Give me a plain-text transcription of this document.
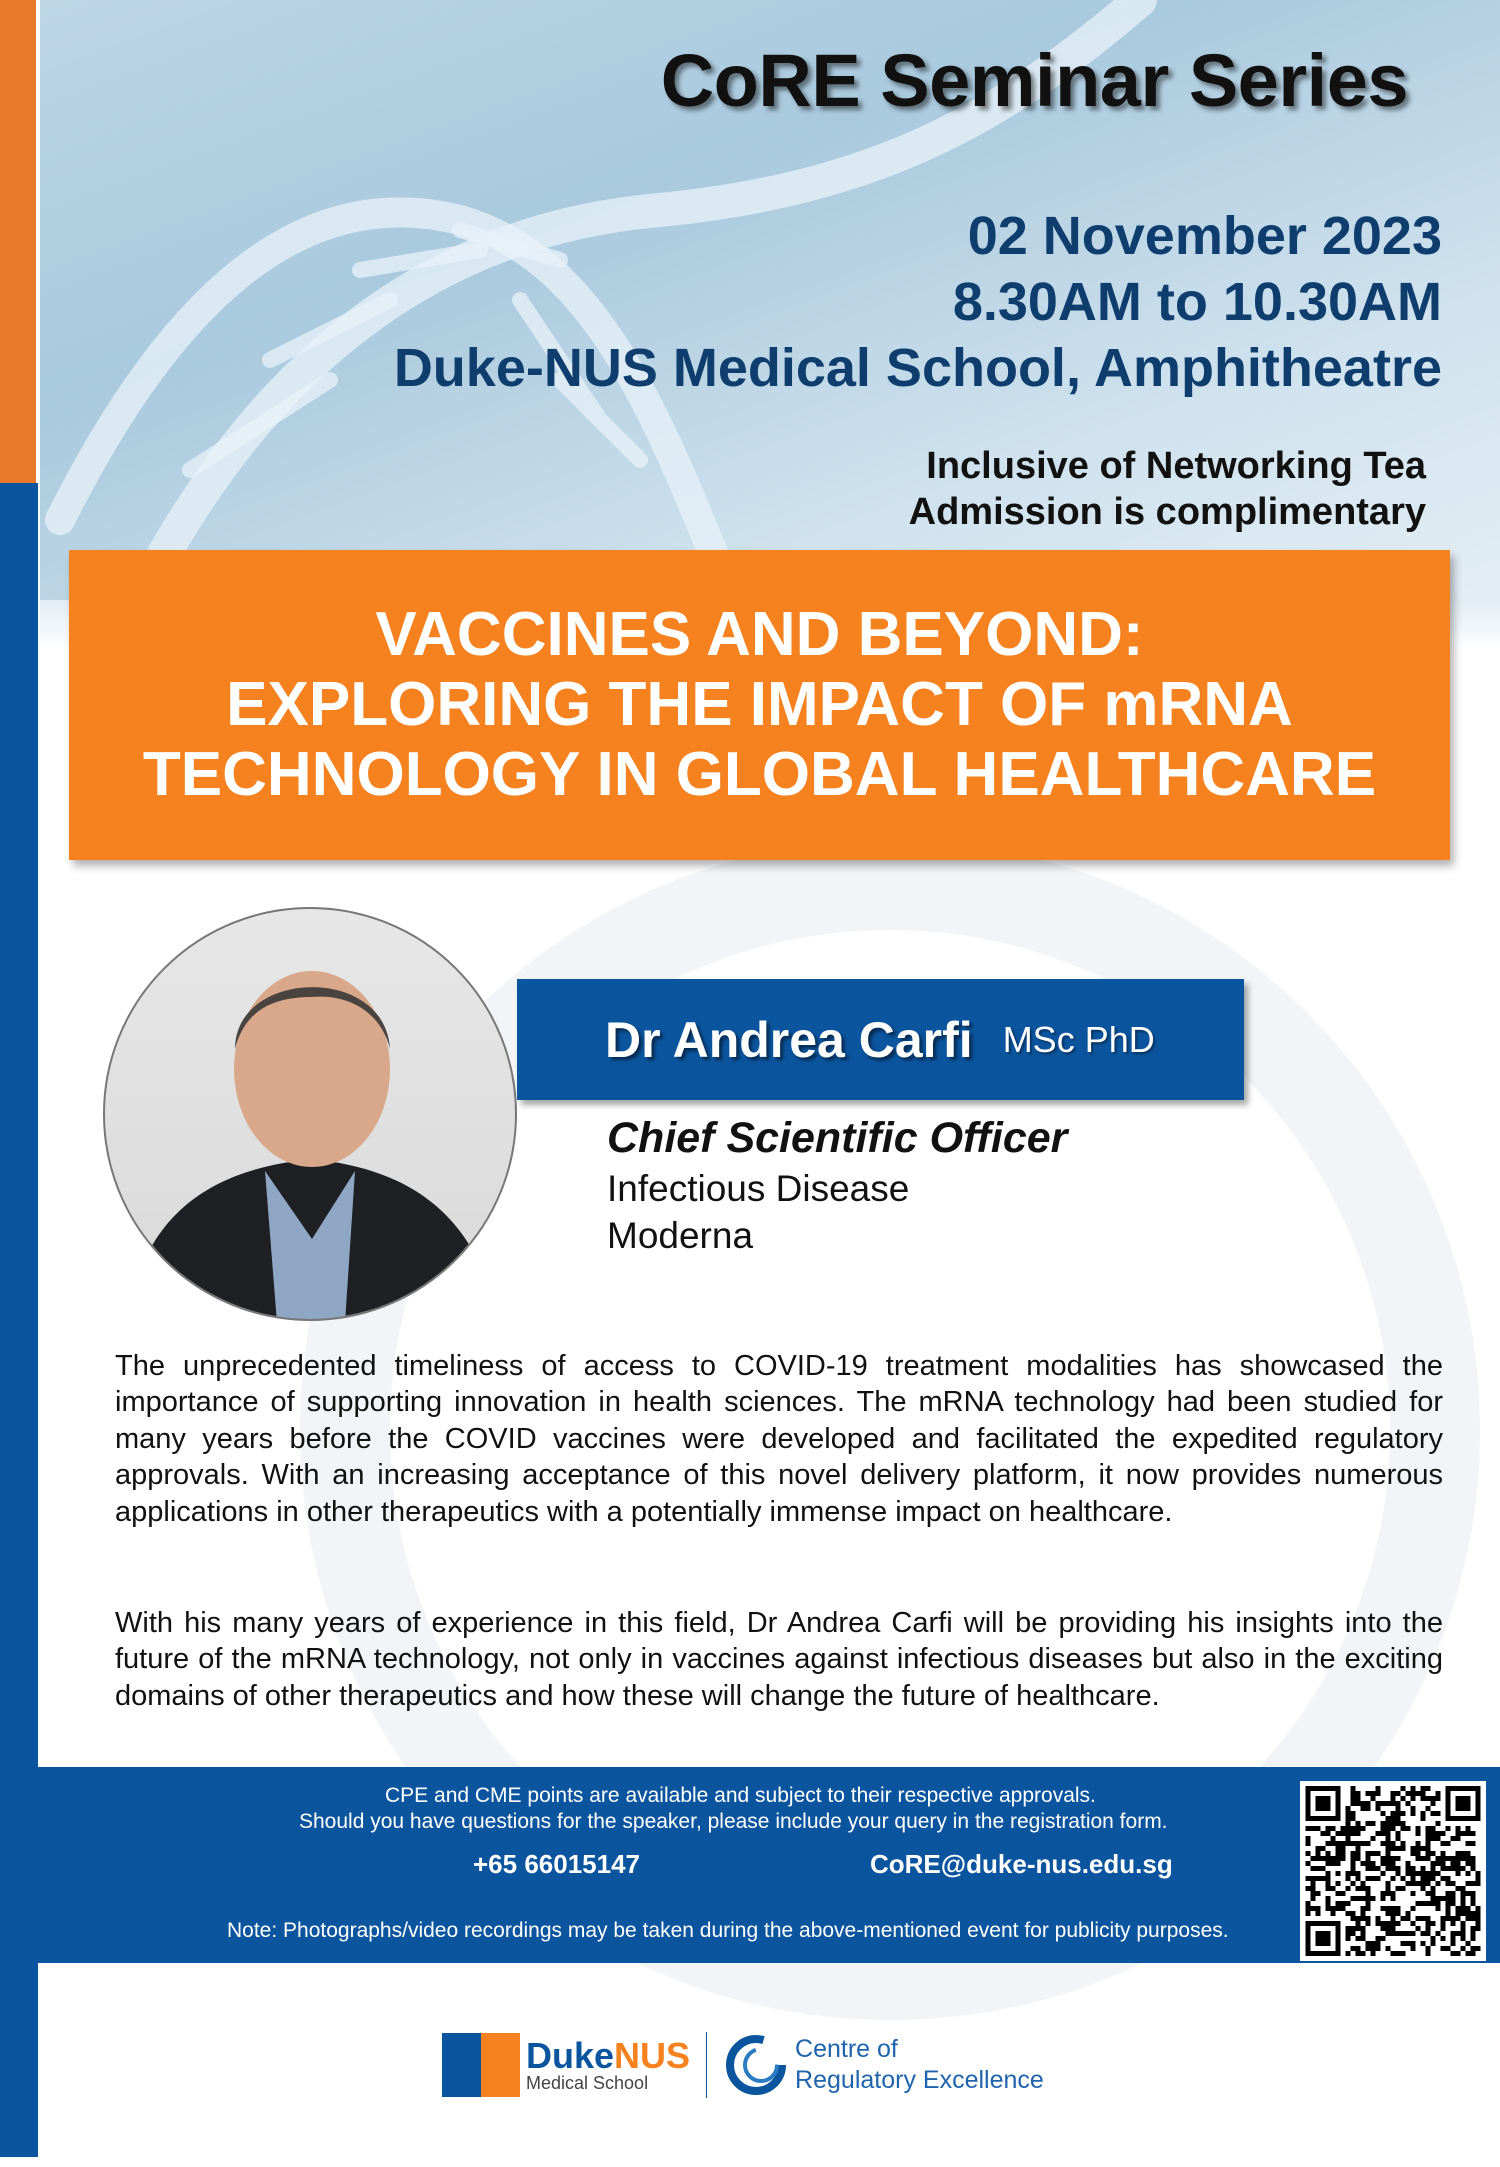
CoRE Seminar Series
02 November 2023
8.30AM to 10.30AM
Duke-NUS Medical School, Amphitheatre
Inclusive of Networking Tea
Admission is complimentary
VACCINES AND BEYOND:
EXPLORING THE IMPACT OF mRNA
TECHNOLOGY IN GLOBAL HEALTHCARE
Dr Andrea Carfi MSc PhD
Chief Scientific Officer
Infectious Disease
Moderna
The unprecedented timeliness of access to COVID-19 treatment modalities has showcased the importance of supporting innovation in health sciences. The mRNA technology had been studied for many years before the COVID vaccines were developed and facilitated the expedited regulatory approvals. With an increasing acceptance of this novel delivery platform, it now provides numerous applications in other therapeutics with a potentially immense impact on healthcare.
With his many years of experience in this field, Dr Andrea Carfi will be providing his insights into the future of the mRNA technology, not only in vaccines against infectious diseases but also in the exciting domains of other therapeutics and how these will change the future of healthcare.
CPE and CME points are available and subject to their respective approvals.
Should you have questions for the speaker, please include your query in the registration form.
+65 66015147	CoRE@duke-nus.edu.sg
Note: Photographs/video recordings may be taken during the above-mentioned event for publicity purposes.
DukeNUS
Medical School
Centre of
Regulatory Excellence
